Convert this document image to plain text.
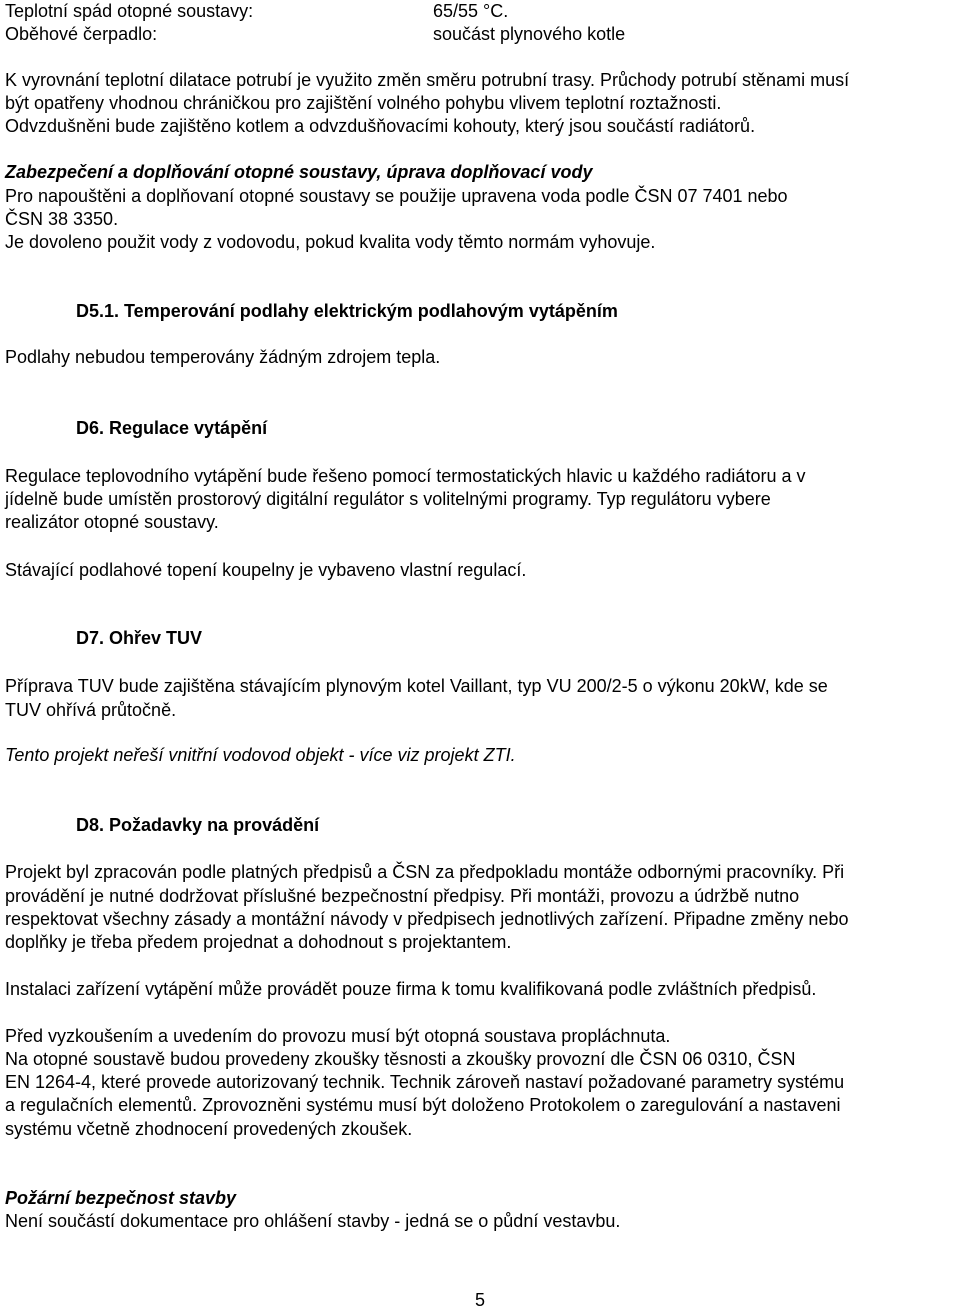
Teplotní spád otopné soustavy:	65/55 °C.
Oběhové čerpadlo:	součást plynového kotle
K vyrovnání teplotní dilatace potrubí je využito změn směru potrubní trasy. Průchody potrubí stěnami musí
být opatřeny vhodnou chráničkou pro zajištění volného pohybu vlivem teplotní roztažnosti.
Odvzdušněni bude zajištěno kotlem a odvzdušňovacími kohouty, který jsou součástí radiátorů.
Zabezpečení a doplňování otopné soustavy, úprava doplňovací vody
Pro napouštěni a doplňovaní otopné soustavy se použije upravena voda podle ČSN 07 7401 nebo
ČSN 38 3350.
Je dovoleno použit vody z vodovodu, pokud kvalita vody těmto normám vyhovuje.
D5.1. Temperování podlahy elektrickým podlahovým vytápěním
Podlahy nebudou temperovány žádným zdrojem tepla.
D6. Regulace vytápění
Regulace teplovodního vytápění bude řešeno pomocí termostatických hlavic u každého radiátoru a v
jídelně bude umístěn prostorový digitální regulátor s volitelnými programy. Typ regulátoru vybere
realizátor otopné soustavy.
Stávající podlahové topení koupelny je vybaveno vlastní regulací.
D7. Ohřev TUV
Příprava TUV bude zajištěna stávajícím plynovým kotel Vaillant, typ VU 200/2-5 o výkonu 20kW, kde se
TUV ohřívá průtočně.
Tento projekt neřeší vnitřní vodovod objekt - více viz projekt ZTI.
D8. Požadavky na provádění
Projekt byl zpracován podle platných předpisů a ČSN za předpokladu montáže odbornými pracovníky. Při
provádění je nutné dodržovat příslušné bezpečnostní předpisy. Při montáži, provozu a údržbě nutno
respektovat všechny zásady a montážní návody v předpisech jednotlivých zařízení. Připadne změny nebo
doplňky je třeba předem projednat a dohodnout s projektantem.
Instalaci zařízení vytápění může provádět pouze firma k tomu kvalifikovaná podle zvláštních předpisů.
Před vyzkoušením a uvedením do provozu musí být otopná soustava propláchnuta.
Na otopné soustavě budou provedeny zkoušky těsnosti a zkoušky provozní dle ČSN 06 0310, ČSN
EN 1264-4, které provede autorizovaný technik. Technik zároveň nastaví požadované parametry systému
a regulačních elementů. Zprovozněni systému musí být doloženo Protokolem o zaregulování a nastaveni
systému včetně zhodnocení provedených zkoušek.
Požární bezpečnost stavby
Není součástí dokumentace pro ohlášení stavby - jedná se o půdní vestavbu.
5
